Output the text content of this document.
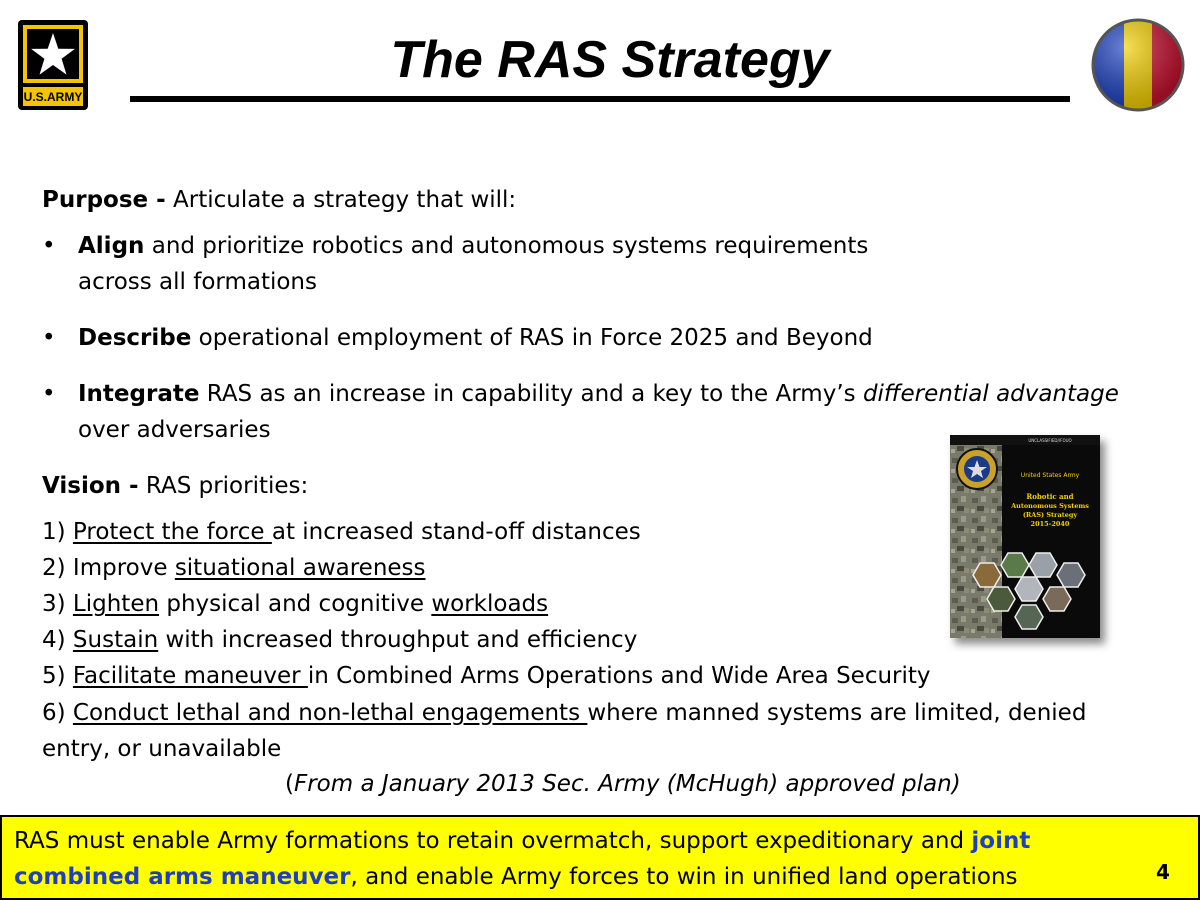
U.S.ARMY
The RAS Strategy
Purpose - Articulate a strategy that will:
• Align and prioritize robotics and autonomous systems requirements
across all formations
• Describe operational employment of RAS in Force 2025 and Beyond
• Integrate RAS as an increase in capability and a key to the Army’s differential advantage
over adversaries
Vision - RAS priorities:
1) Protect the force at increased stand-off distances
2) Improve situational awareness
3) Lighten physical and cognitive workloads
4) Sustain with increased throughput and efficiency
5) Facilitate maneuver in Combined Arms Operations and Wide Area Security
6) Conduct lethal and non-lethal engagements where manned systems are limited, denied
entry, or unavailable
(From a January 2013 Sec. Army (McHugh) approved plan)
UNCLASSIFIED//FOUO
United States Army
Robotic and
Autonomous Systems
(RAS) Strategy
2015-2040
RAS must enable Army formations to retain overmatch, support expeditionary and joint
combined arms maneuver, and enable Army forces to win in unified land operations	4
